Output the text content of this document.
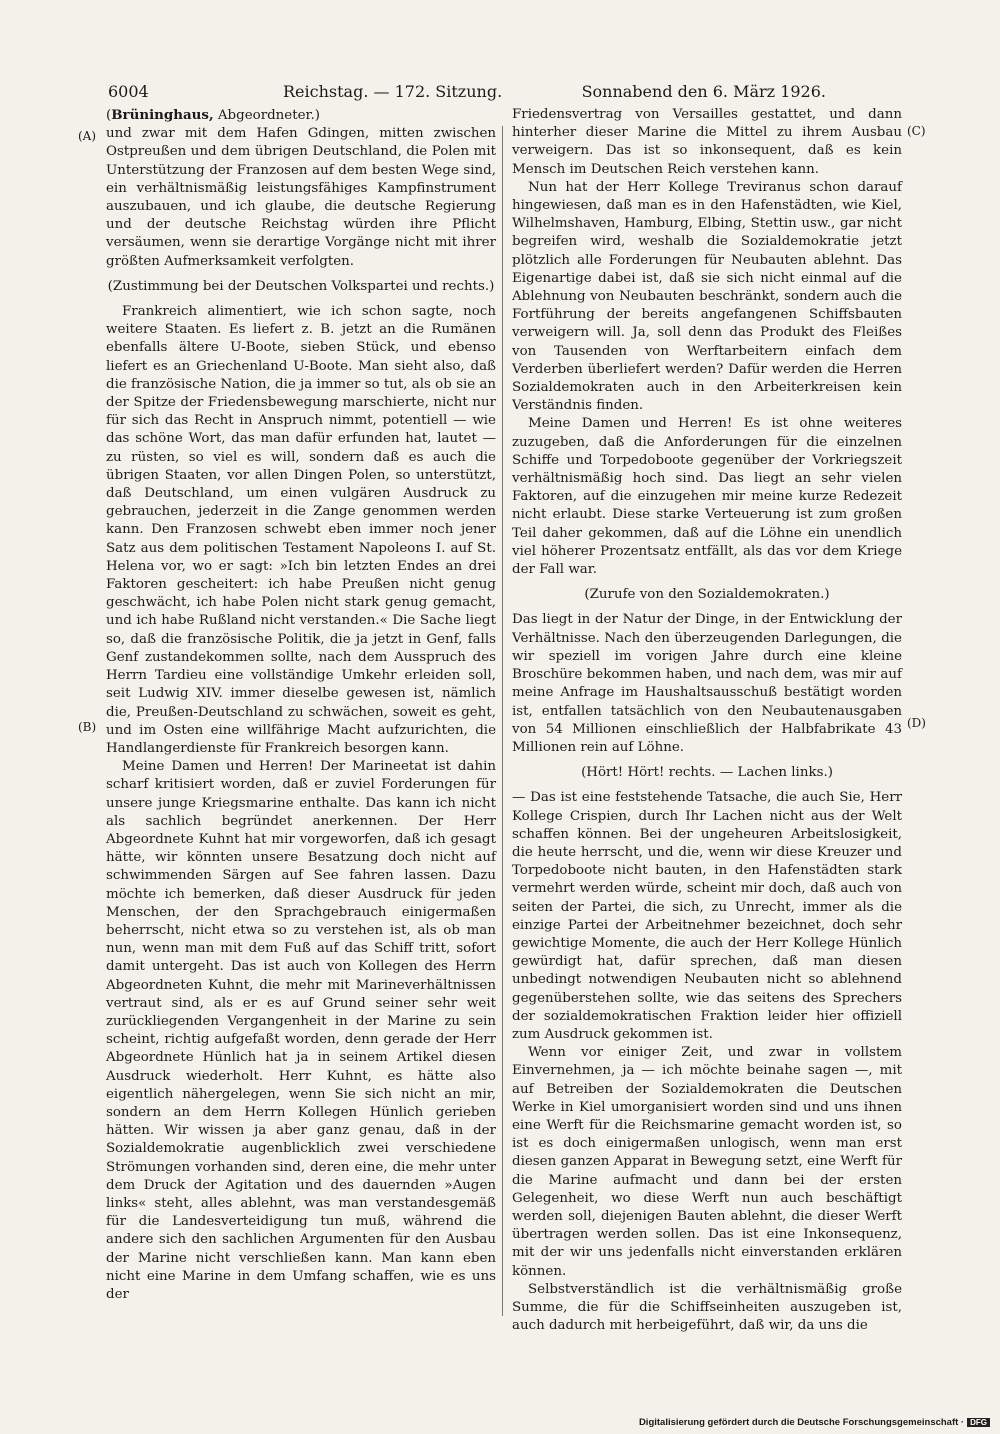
6004	Reichstag. — 172. Sitzung.	Sonnabend den 6. März 1926.
(A)
(B)
(C)
(D)

(Brüninghaus, Abgeordneter.)

und zwar mit dem Hafen Gdingen, mitten zwischen Ostpreußen und dem übrigen Deutschland, die Polen mit Unterstützung der Franzosen auf dem besten Wege sind, ein verhältnismäßig leistungsfähiges Kampfinstrument auszubauen, und ich glaube, die deutsche Regierung und der deutsche Reichstag würden ihre Pflicht versäumen, wenn sie derartige Vorgänge nicht mit ihrer größten Aufmerksamkeit verfolgten.

(Zustimmung bei der Deutschen Volkspartei und rechts.)

Frankreich alimentiert, wie ich schon sagte, noch weitere Staaten. Es liefert z. B. jetzt an die Rumänen ebenfalls ältere U-Boote, sieben Stück, und ebenso liefert es an Griechenland U-Boote. Man sieht also, daß die französische Nation, die ja immer so tut, als ob sie an der Spitze der Friedensbewegung marschierte, nicht nur für sich das Recht in Anspruch nimmt, potentiell — wie das schöne Wort, das man dafür erfunden hat, lautet — zu rüsten, so viel es will, sondern daß es auch die übrigen Staaten, vor allen Dingen Polen, so unterstützt, daß Deutschland, um einen vulgären Ausdruck zu gebrauchen, jederzeit in die Zange genommen werden kann. Den Franzosen schwebt eben immer noch jener Satz aus dem politischen Testament Napoleons I. auf St. Helena vor, wo er sagt: »Ich bin letzten Endes an drei Faktoren gescheitert: ich habe Preußen nicht genug geschwächt, ich habe Polen nicht stark genug gemacht, und ich habe Rußland nicht verstanden.« Die Sache liegt so, daß die französische Politik, die ja jetzt in Genf, falls Genf zustandekommen sollte, nach dem Ausspruch des Herrn Tardieu eine vollständige Umkehr erleiden soll, seit Ludwig XIV. immer dieselbe gewesen ist, nämlich die, Preußen-Deutschland zu schwächen, soweit es geht, und im Osten eine willfährige Macht aufzurichten, die Handlangerdienste für Frankreich besorgen kann.

Meine Damen und Herren! Der Marineetat ist dahin scharf kritisiert worden, daß er zuviel Forderungen für unsere junge Kriegsmarine enthalte. Das kann ich nicht als sachlich begründet anerkennen. Der Herr Abgeordnete Kuhnt hat mir vorgeworfen, daß ich gesagt hätte, wir könnten unsere Besatzung doch nicht auf schwimmenden Särgen auf See fahren lassen. Dazu möchte ich bemerken, daß dieser Ausdruck für jeden Menschen, der den Sprachgebrauch einigermaßen beherrscht, nicht etwa so zu verstehen ist, als ob man nun, wenn man mit dem Fuß auf das Schiff tritt, sofort damit untergeht. Das ist auch von Kollegen des Herrn Abgeordneten Kuhnt, die mehr mit Marineverhältnissen vertraut sind, als er es auf Grund seiner sehr weit zurückliegenden Vergangenheit in der Marine zu sein scheint, richtig aufgefaßt worden, denn gerade der Herr Abgeordnete Hünlich hat ja in seinem Artikel diesen Ausdruck wiederholt. Herr Kuhnt, es hätte also eigentlich nähergelegen, wenn Sie sich nicht an mir, sondern an dem Herrn Kollegen Hünlich gerieben hätten. Wir wissen ja aber ganz genau, daß in der Sozialdemokratie augenblicklich zwei verschiedene Strömungen vorhanden sind, deren eine, die mehr unter dem Druck der Agitation und des dauernden »Augen links« steht, alles ablehnt, was man verstandesgemäß für die Landesverteidigung tun muß, während die andere sich den sachlichen Argumenten für den Ausbau der Marine nicht verschließen kann. Man kann eben nicht eine Marine in dem Umfang schaffen, wie es uns der

Friedensvertrag von Versailles gestattet, und dann hinterher dieser Marine die Mittel zu ihrem Ausbau verweigern. Das ist so inkonsequent, daß es kein Mensch im Deutschen Reich verstehen kann.

Nun hat der Herr Kollege Treviranus schon darauf hingewiesen, daß man es in den Hafenstädten, wie Kiel, Wilhelmshaven, Hamburg, Elbing, Stettin usw., gar nicht begreifen wird, weshalb die Sozialdemokratie jetzt plötzlich alle Forderungen für Neubauten ablehnt. Das Eigenartige dabei ist, daß sie sich nicht einmal auf die Ablehnung von Neubauten beschränkt, sondern auch die Fortführung der bereits angefangenen Schiffsbauten verweigern will. Ja, soll denn das Produkt des Fleißes von Tausenden von Werftarbeitern einfach dem Verderben überliefert werden? Dafür werden die Herren Sozialdemokraten auch in den Arbeiterkreisen kein Verständnis finden.

Meine Damen und Herren! Es ist ohne weiteres zuzugeben, daß die Anforderungen für die einzelnen Schiffe und Torpedoboote gegenüber der Vorkriegszeit verhältnismäßig hoch sind. Das liegt an sehr vielen Faktoren, auf die einzugehen mir meine kurze Redezeit nicht erlaubt. Diese starke Verteuerung ist zum großen Teil daher gekommen, daß auf die Löhne ein unendlich viel höherer Prozentsatz entfällt, als das vor dem Kriege der Fall war.

(Zurufe von den Sozialdemokraten.)

Das liegt in der Natur der Dinge, in der Entwicklung der Verhältnisse. Nach den überzeugenden Darlegungen, die wir speziell im vorigen Jahre durch eine kleine Broschüre bekommen haben, und nach dem, was mir auf meine Anfrage im Haushaltsausschuß bestätigt worden ist, entfallen tatsächlich von den Neubautenausgaben von 54 Millionen einschließlich der Halbfabrikate 43 Millionen rein auf Löhne.

(Hört! Hört! rechts. — Lachen links.)

— Das ist eine feststehende Tatsache, die auch Sie, Herr Kollege Crispien, durch Ihr Lachen nicht aus der Welt schaffen können. Bei der ungeheuren Arbeitslosigkeit, die heute herrscht, und die, wenn wir diese Kreuzer und Torpedoboote nicht bauten, in den Hafenstädten stark vermehrt werden würde, scheint mir doch, daß auch von seiten der Partei, die sich, zu Unrecht, immer als die einzige Partei der Arbeitnehmer bezeichnet, doch sehr gewichtige Momente, die auch der Herr Kollege Hünlich gewürdigt hat, dafür sprechen, daß man diesen unbedingt notwendigen Neubauten nicht so ablehnend gegenüberstehen sollte, wie das seitens des Sprechers der sozialdemokratischen Fraktion leider hier offiziell zum Ausdruck gekommen ist.

Wenn vor einiger Zeit, und zwar in vollstem Einvernehmen, ja — ich möchte beinahe sagen —, mit auf Betreiben der Sozialdemokraten die Deutschen Werke in Kiel umorganisiert worden sind und uns ihnen eine Werft für die Reichsmarine gemacht worden ist, so ist es doch einigermaßen unlogisch, wenn man erst diesen ganzen Apparat in Bewegung setzt, eine Werft für die Marine aufmacht und dann bei der ersten Gelegenheit, wo diese Werft nun auch beschäftigt werden soll, diejenigen Bauten ablehnt, die dieser Werft übertragen werden sollen. Das ist eine Inkonsequenz, mit der wir uns jedenfalls nicht einverstanden erklären können.

Selbstverständlich ist die verhältnismäßig große Summe, die für die Schiffseinheiten auszugeben ist, auch dadurch mit herbeigeführt, daß wir, da uns die

Digitalisierung gefördert durch die Deutsche Forschungsgemeinschaft · DFG
